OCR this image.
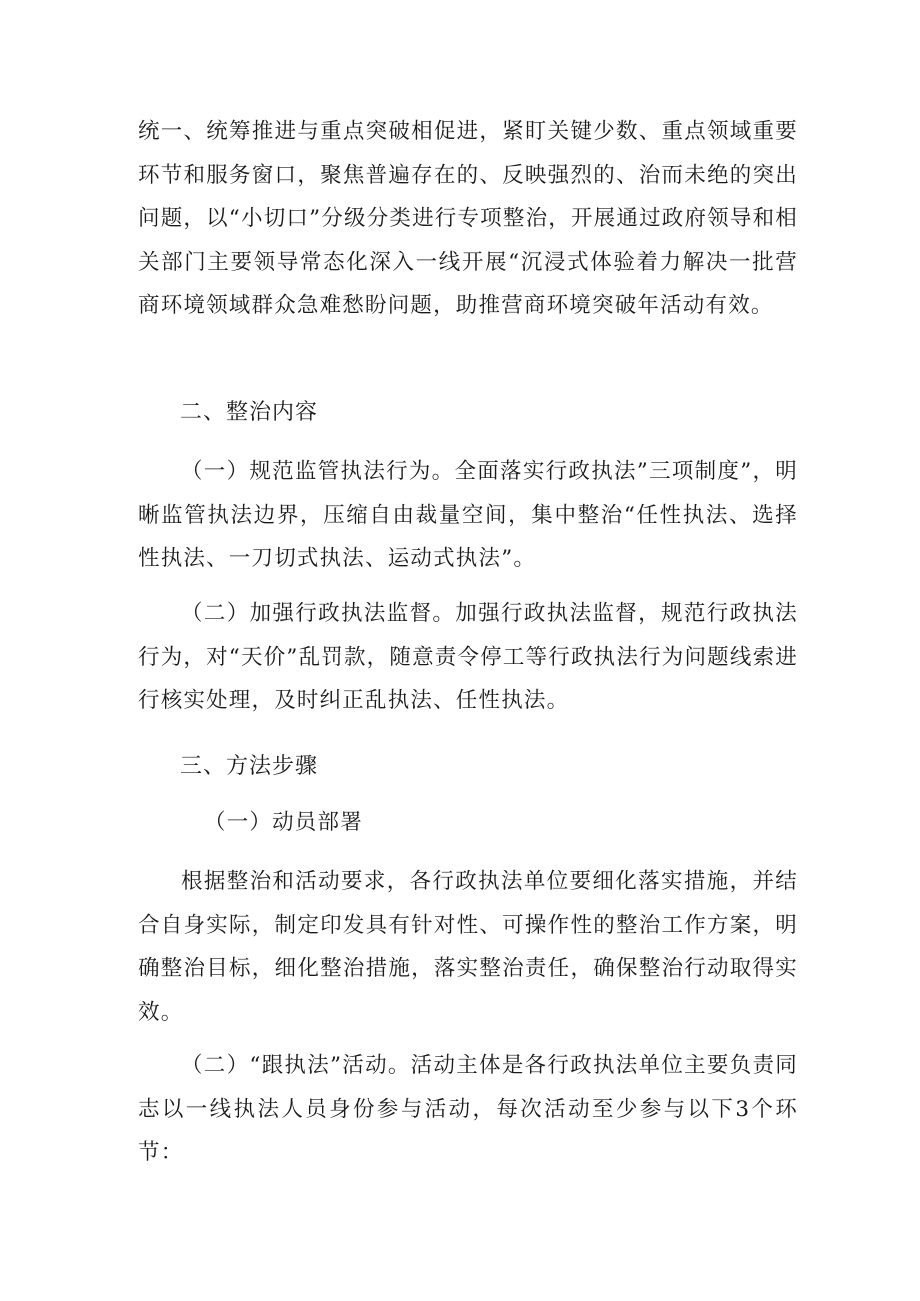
统一、统筹推进与重点突破相促进，紧盯关键少数、重点领域重要环节和服务窗口，聚焦普遍存在的、反映强烈的、治而未绝的突出问题，以“小切口”分级分类进行专项整治，开展通过政府领导和相关部门主要领导常态化深入一线开展“沉浸式体验着力解决一批营商环境领域群众急难愁盼问题，助推营商环境突破年活动有效。

二、整治内容

（一）规范监管执法行为。全面落实行政执法”三项制度”，明晰监管执法边界，压缩自由裁量空间，集中整治“任性执法、选择性执法、一刀切式执法、运动式执法”。

（二）加强行政执法监督。加强行政执法监督，规范行政执法行为，对“天价”乱罚款，随意责令停工等行政执法行为问题线索进行核实处理，及时纠正乱执法、任性执法。

三、方法步骤

（一）动员部署

根据整治和活动要求，各行政执法单位要细化落实措施，并结合自身实际，制定印发具有针对性、可操作性的整治工作方案，明确整治目标，细化整治措施，落实整治责任，确保整治行动取得实效。

（二）“跟执法”活动。活动主体是各行政执法单位主要负责同志以一线执法人员身份参与活动，每次活动至少参与以下3个环节：
